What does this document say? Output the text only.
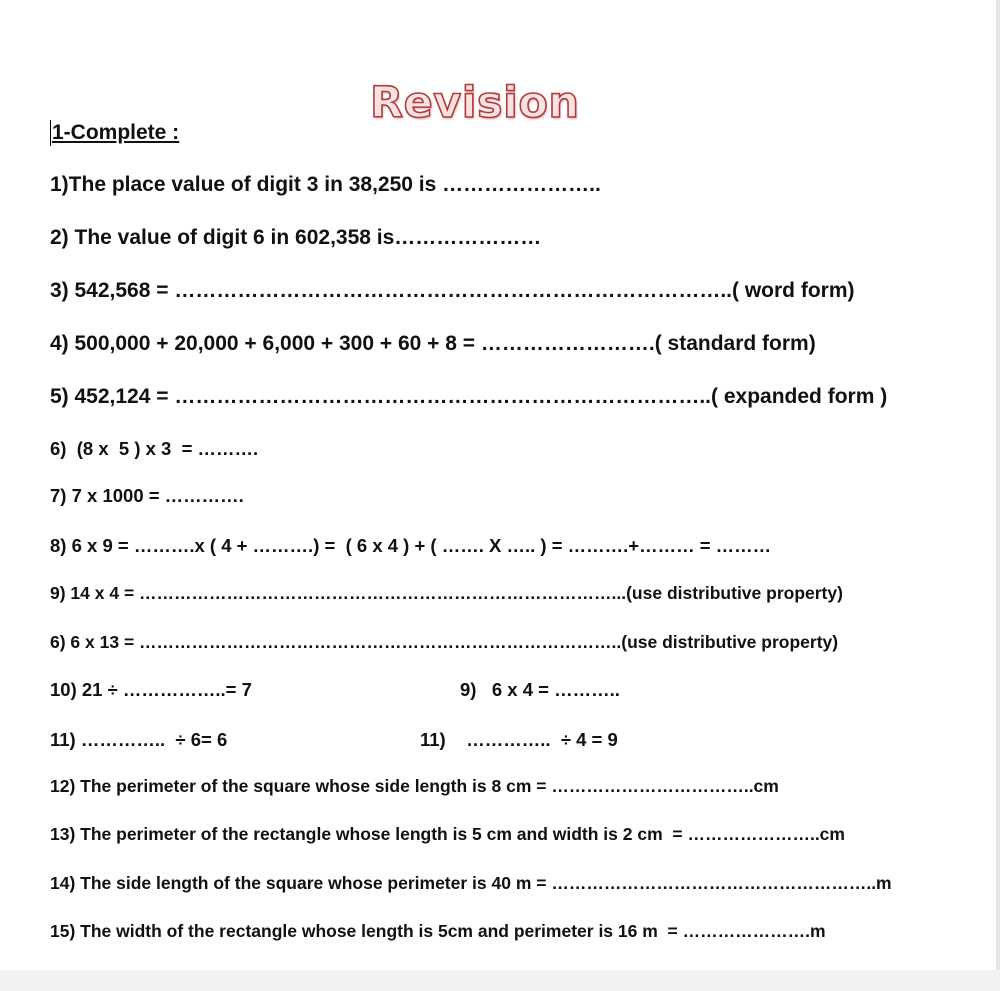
Revision
1-Complete :

1)The place value of digit 3 in 38,250 is …………………..

2) The value of digit 6 in 602,358 is…………………

3) 542,568 = ……………………………………………………………………..( word form)

4) 500,000 + 20,000 + 6,000 + 300 + 60 + 8 = …………………….( standard form)

5) 452,124 = …………………………………………………………………..( expanded form )

6)  (8 x  5 ) x 3  = ……….

7) 7 x 1000 = ………….

8) 6 x 9 = ……….x ( 4 + ……….) =  ( 6 x 4 ) + ( ……. X ….. ) = ……….+……… = ………

9) 14 x 4 = ………………………………………………………………………...(use distributive property)

6) 6 x 13 = ………………………………………………………………………..(use distributive property)

10) 21 ÷ ……………..= 7	9)   6 x 4 = ………..

11) …………..  ÷ 6= 6	11)    …………..  ÷ 4 = 9

12) The perimeter of the square whose side length is 8 cm = ……………………………..cm

13) The perimeter of the rectangle whose length is 5 cm and width is 2 cm  = …………………..cm

14) The side length of the square whose perimeter is 40 m = ………………………………………………..m

15) The width of the rectangle whose length is 5cm and perimeter is 16 m  = ………………….m
